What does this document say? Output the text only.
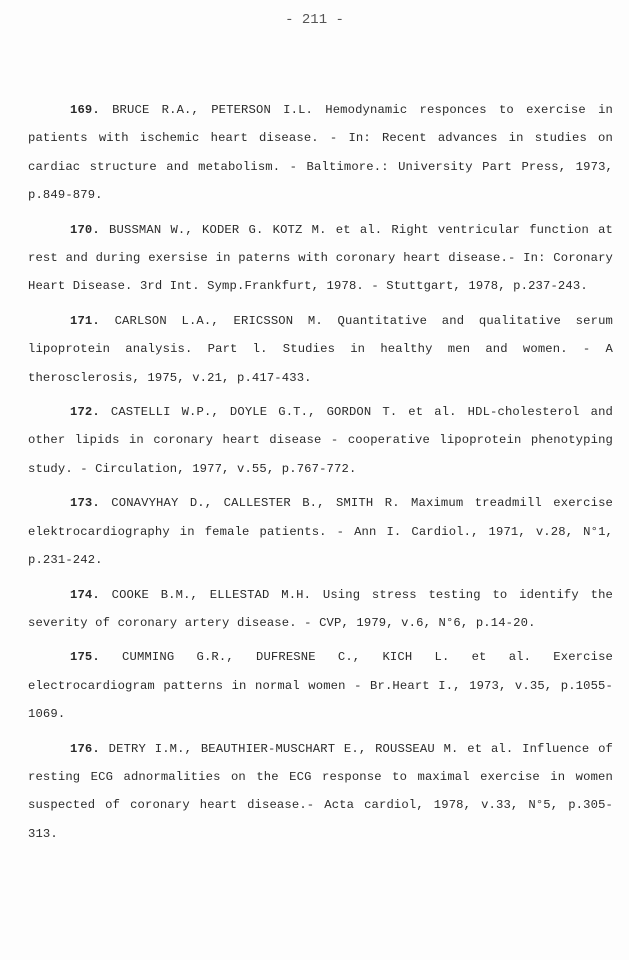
- 211 -

169. BRUCE R.A., PETERSON I.L. Hemodynamic responces to exercise in patients with ischemic heart disease. - In: Recent advances in studies on cardiac structure and metabolism. - Baltimore.: University Part Press, 1973, p.849-879.

170. BUSSMAN W., KODER G. KOTZ M. et al. Right ventricular function at rest and during exersise in paterns with coronary heart disease.- In: Coronary Heart Disease. 3rd Int. Symp.Frankfurt, 1978. - Stuttgart, 1978, p.237-243.

171. CARLSON L.A., ERICSSON M. Quantitative and qualitative serum lipoprotein analysis. Part l. Studies in healthy men and women. - A therosclerosis, 1975, v.21, p.417-433.

172. CASTELLI W.P., DOYLE G.T., GORDON T. et al. HDL-cholesterol and other lipids in coronary heart disease - cooperative lipoprotein phenotyping study. - Circulation, 1977, v.55, p.767-772.

173. CONAVYHAY D., CALLESTER B., SMITH R. Maximum treadmill exercise elektrocardiography in female patients. - Ann I. Cardiol., 1971, v.28, N°1, p.231-242.

174. COOKE B.M., ELLESTAD M.H. Using stress testing to identify the severity of coronary artery disease. - CVP, 1979, v.6, N°6, p.14-20.

175. CUMMING G.R., DUFRESNE C., KICH L. et al. Exercise electrocardiogram patterns in normal women - Br.Heart I., 1973, v.35, p.1055-1069.

176. DETRY I.M., BEAUTHIER-MUSCHART E., ROUSSEAU M. et al. Influence of resting ECG adnormalities on the ECG response to maximal exercise in women suspected of coronary heart disease.- Acta cardiol, 1978, v.33, N°5, p.305-313.
